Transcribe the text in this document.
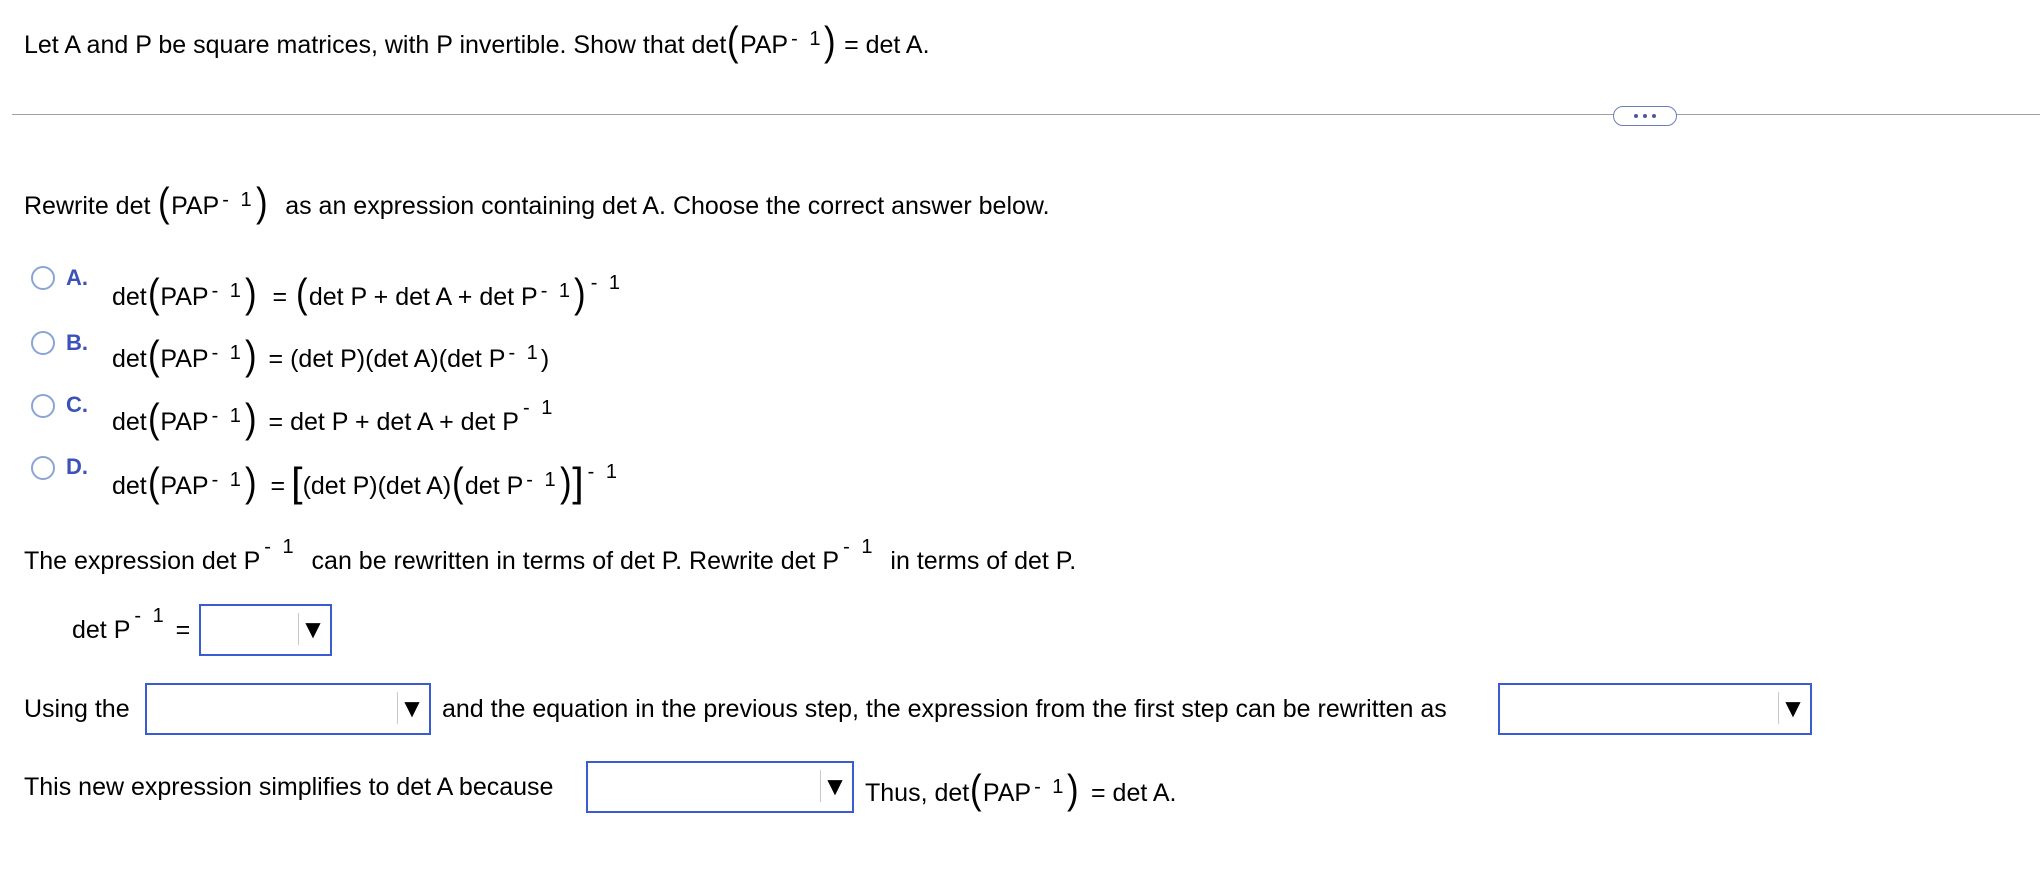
Let A and P be square matrices, with P invertible. Show that det(PAP $^{- 1}$) = det A.
Rewrite det (PAP $^{- 1}$) as an expression containing det A. Choose the correct answer below.
A.
det(PAP $^{- 1}$) = (det P + det A + det P $^{- 1}$) $^{- 1}$
B.
det(PAP $^{- 1}$) = (det P)(det A)(det P $^{- 1}$)
C.
det(PAP $^{- 1}$) = det P + det A + det P $^{- 1}$
D.
det(PAP $^{- 1}$) = [(det P)(det A)(det P $^{- 1}$)] $^{- 1}$
The expression det P $^{- 1}$ can be rewritten in terms of det P. Rewrite det P $^{- 1}$ in terms of det P.
det P $^{- 1}$ =	▼
Using the	▼ and the equation in the previous step, the expression from the first step can be rewritten as	▼
This new expression simplifies to det A because	▼ Thus, det(PAP $^{- 1}$) = det A.
